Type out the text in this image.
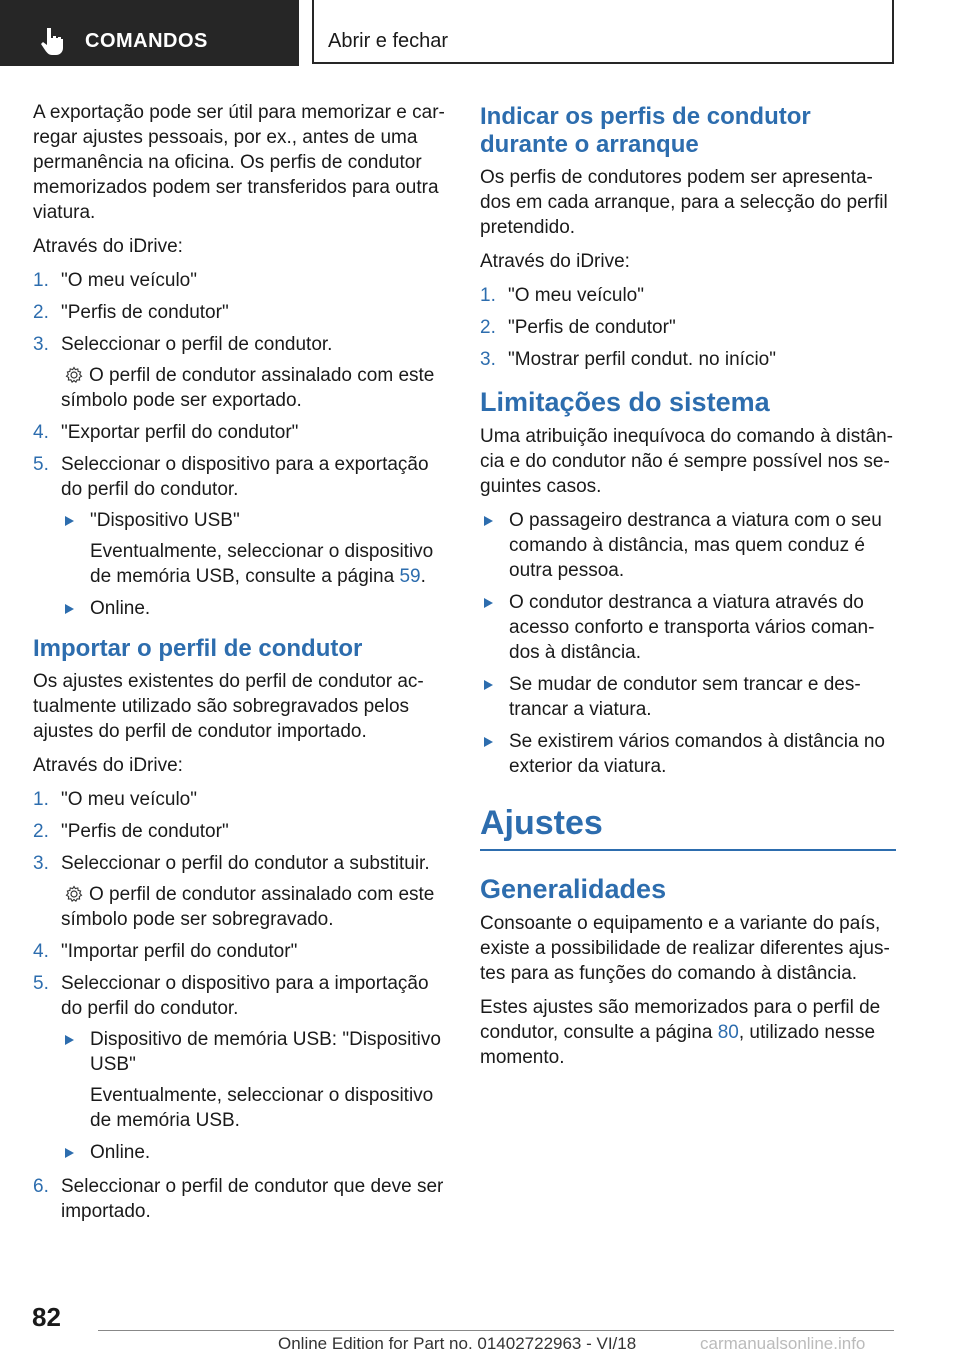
COMANDOS	Abrir e fechar

A exportação pode ser útil para memorizar e car-regar ajustes pessoais, por ex., antes de uma permanência na oficina. Os perfis de condutor memorizados podem ser transferidos para outra viatura.

Através do iDrive:

1. "O meu veículo"
2. "Perfis de condutor"
3. Seleccionar o perfil de condutor.
O perfil de condutor assinalado com este símbolo pode ser exportado.
4. "Exportar perfil do condutor"
5. Seleccionar o dispositivo para a exportação do perfil do condutor.
"Dispositivo USB"
Eventualmente, seleccionar o dispositivo de memória USB, consulte a página 59.
Online.
Importar o perfil de condutor

Os ajustes existentes do perfil de condutor ac-tualmente utilizado são sobregravados pelos ajustes do perfil de condutor importado.

Através do iDrive:

1. "O meu veículo"
2. "Perfis de condutor"
3. Seleccionar o perfil do condutor a substituir.
O perfil de condutor assinalado com este símbolo pode ser sobregravado.
4. "Importar perfil do condutor"
5. Seleccionar o dispositivo para a importação do perfil do condutor.
Dispositivo de memória USB: "Dispositivo USB"
Eventualmente, seleccionar o dispositivo de memória USB.
Online.
6. Seleccionar o perfil de condutor que deve ser importado.
Indicar os perfis de condutor durante o arranque

Os perfis de condutores podem ser apresenta-dos em cada arranque, para a selecção do perfil pretendido.

Através do iDrive:

1. "O meu veículo"
2. "Perfis de condutor"
3. "Mostrar perfil condut. no início"
Limitações do sistema

Uma atribuição inequívoca do comando à distân-cia e do condutor não é sempre possível nos se-guintes casos.

O passageiro destranca a viatura com o seu comando à distância, mas quem conduz é outra pessoa.
O condutor destranca a viatura através do acesso conforto e transporta vários coman-dos à distância.
Se mudar de condutor sem trancar e des-trancar a viatura.
Se existirem vários comandos à distância no exterior da viatura.
Ajustes
Generalidades

Consoante o equipamento e a variante do país, existe a possibilidade de realizar diferentes ajus-tes para as funções do comando à distância.

Estes ajustes são memorizados para o perfil de condutor, consulte a página 80, utilizado nesse momento.

82
Online Edition for Part no. 01402722963 - VI/18	carmanualsonline.info
